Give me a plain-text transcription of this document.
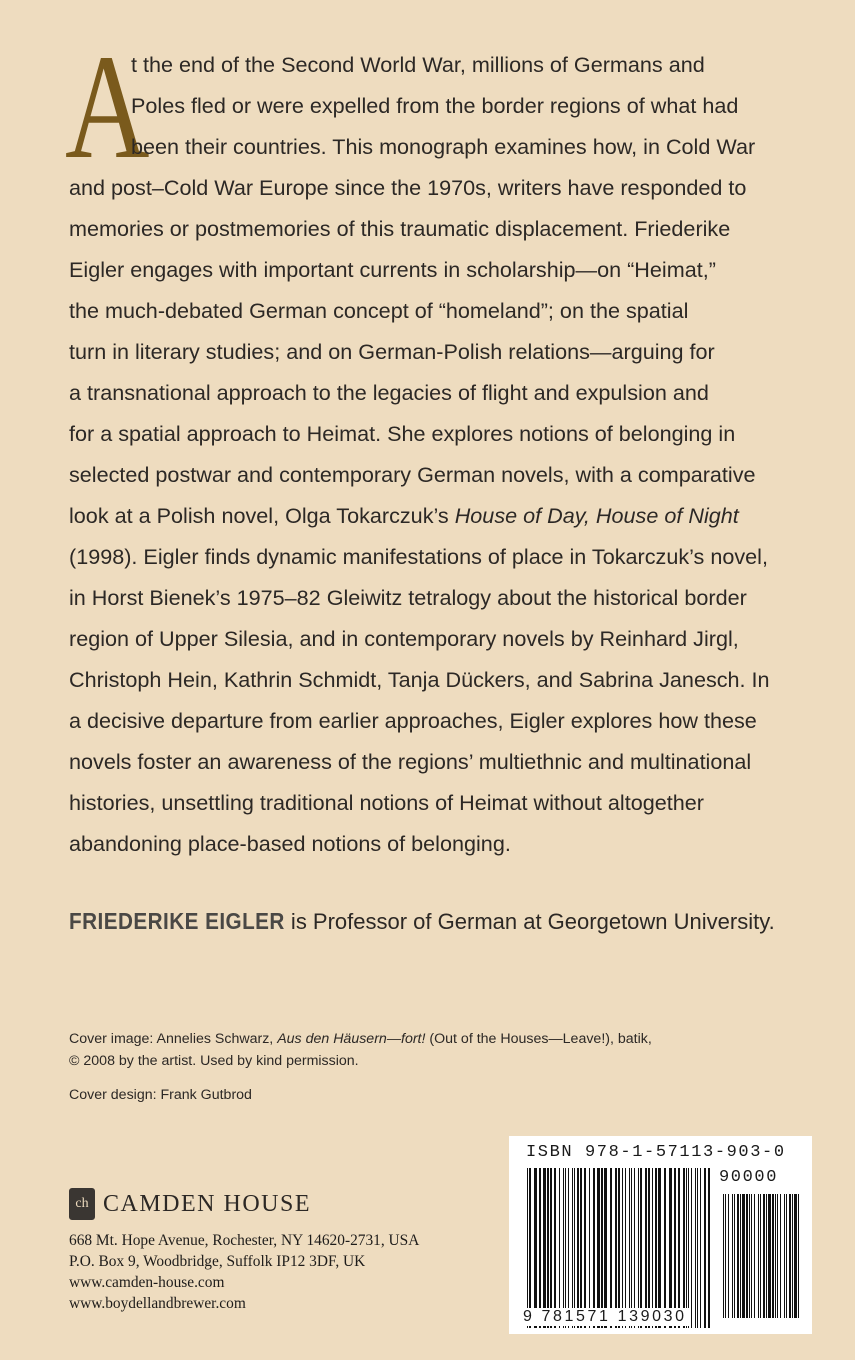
A
t the end of the Second World War, millions of Germans and
Poles fled or were expelled from the border regions of what had
been their countries. This monograph examines how, in Cold War
and post–Cold War Europe since the 1970s, writers have responded to
memories or postmemories of this traumatic displacement. Friederike
Eigler engages with important currents in scholarship—on “Heimat,”
the much-debated German concept of “homeland”; on the spatial
turn in literary studies; and on German-Polish relations—arguing for
a transnational approach to the legacies of flight and expulsion and
for a spatial approach to Heimat. She explores notions of belonging in
selected postwar and contemporary German novels, with a comparative
look at a Polish novel, Olga Tokarczuk’s House of Day, House of Night
(1998). Eigler finds dynamic manifestations of place in Tokarczuk’s novel,
in Horst Bienek’s 1975–82 Gleiwitz tetralogy about the historical border
region of Upper Silesia, and in contemporary novels by Reinhard Jirgl,
Christoph Hein, Kathrin Schmidt, Tanja Dückers, and Sabrina Janesch. In
a decisive departure from earlier approaches, Eigler explores how these
novels foster an awareness of the regions’ multiethnic and multinational
histories, unsettling traditional notions of Heimat without altogether
abandoning place-based notions of belonging.
FRIEDERIKE EIGLER is Professor of German at Georgetown University.
Cover image: Annelies Schwarz, Aus den Häusern—fort! (Out of the Houses—Leave!), batik,
© 2008 by the artist. Used by kind permission.
Cover design: Frank Gutbrod
ch CAMDEN HOUSE
668 Mt. Hope Avenue, Rochester, NY 14620-2731, USA
P.O. Box 9, Woodbridge, Suffolk IP12 3DF, UK
www.camden-house.com
www.boydellandbrewer.com
ISBN 978-1-57113-903-0
90000
9 781571 139030
